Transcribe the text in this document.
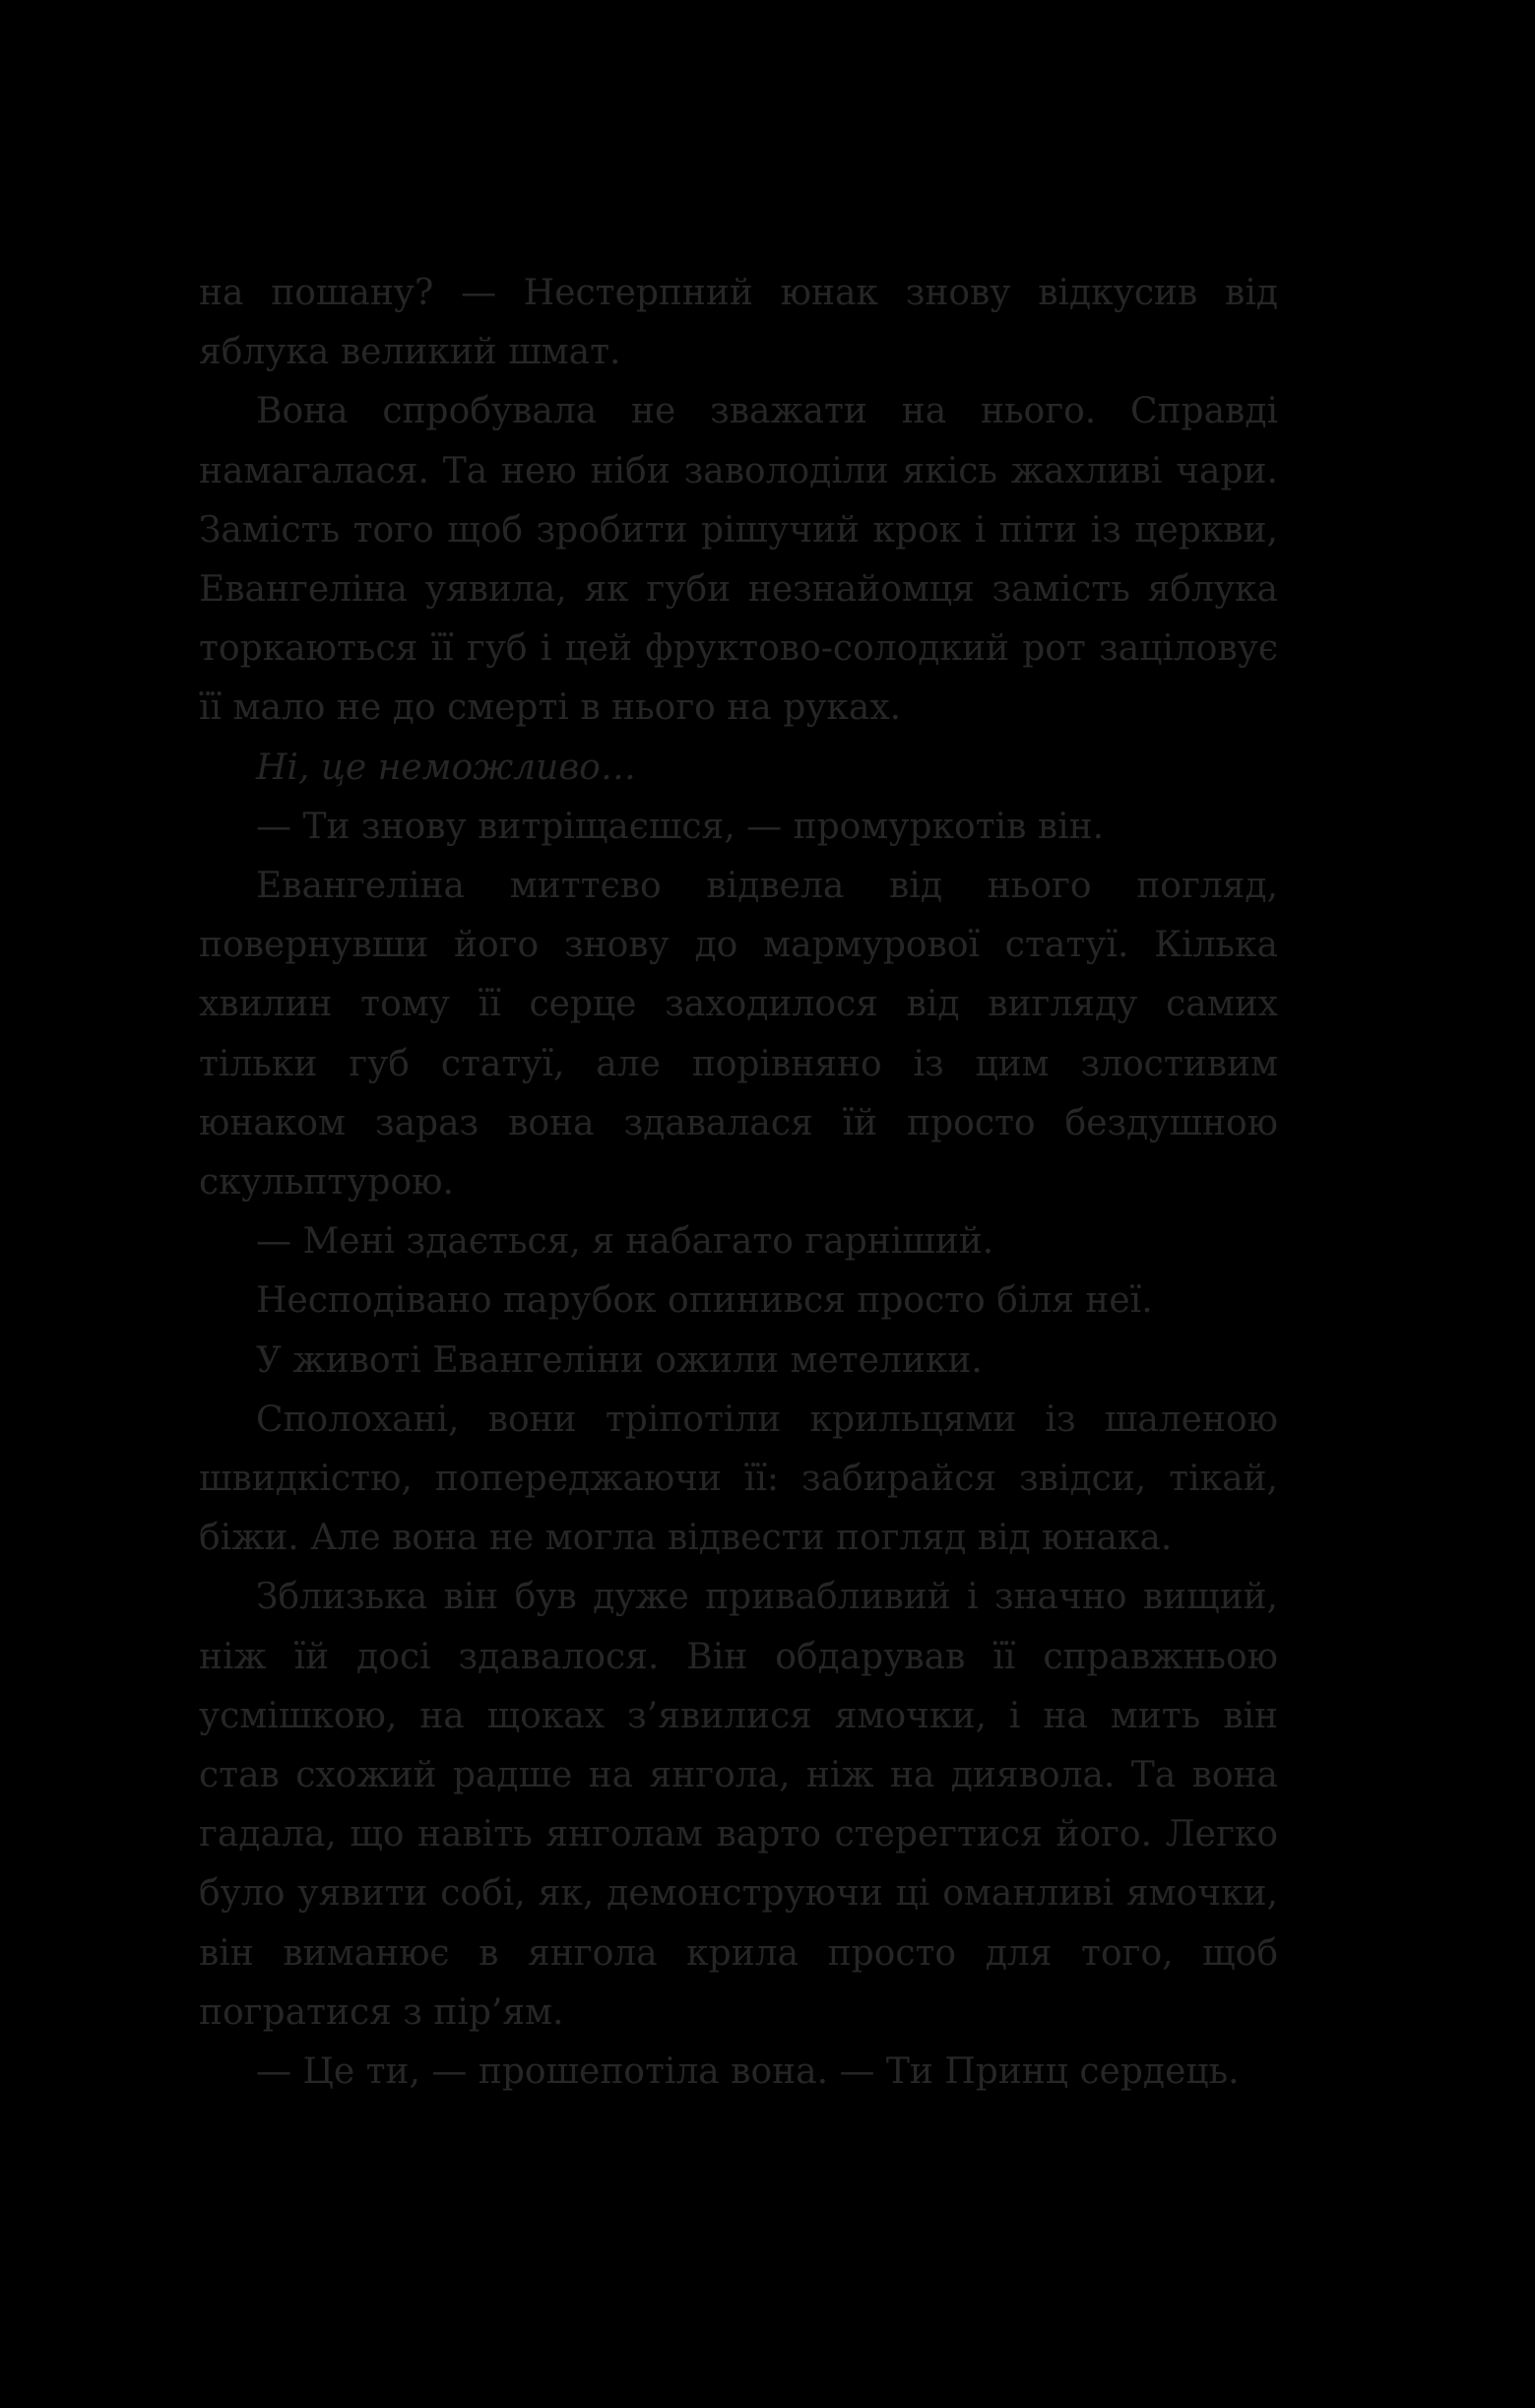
на пошану? — Нестерпний юнак знову відкусив від яблука великий шмат.

Вона спробувала не зважати на нього. Справді намагалася. Та нею ніби заволоділи якісь жахливі чари. Замість того щоб зробити рішучий крок і піти із церкви, Евангеліна уявила, як губи незнайомця замість яблука торкаються її губ і цей фруктово-солодкий рот заціловує її мало не до смерті в нього на руках.

Ні, це неможливо…

— Ти знову витріщаєшся, — промуркотів він.

Евангеліна миттєво відвела від нього погляд, повернувши його знову до мармурової статуї. Кілька хвилин тому її серце заходилося від вигляду самих тільки губ статуї, але порівняно із цим злостивим юнаком зараз вона здавалася їй просто бездушною скульптурою.

— Мені здається, я набагато гарніший.

Несподівано парубок опинився просто біля неї.

У животі Евангеліни ожили метелики.

Сполохані, вони тріпотіли крильцями із шаленою швидкістю, попереджаючи її: забирайся звідси, тікай, біжи. Але вона не могла відвести погляд від юнака.

Зблизька він був дуже привабливий і значно вищий, ніж їй досі здавалося. Він обдарував її справжньою усмішкою, на щоках з’явилися ямочки, і на мить він став схожий радше на янгола, ніж на диявола. Та вона гадала, що навіть янголам варто стерегтися його. Легко було уявити собі, як, демонструючи ці оманливі ямочки, він виманює в янгола крила просто для того, щоб погратися з пір’ям.

— Це ти, — прошепотіла вона. — Ти Принц сердець.
